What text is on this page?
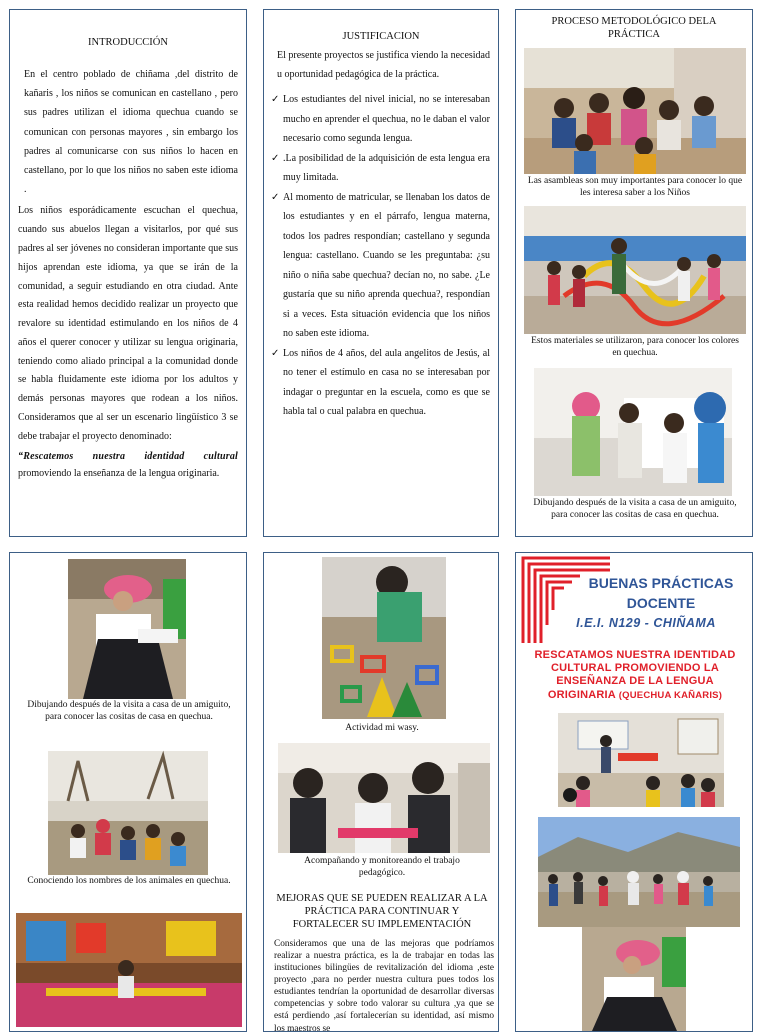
INTRODUCCIÓN

En el centro poblado de chiñama ,del distrito de kañaris , los niños se comunican en castellano , pero sus padres utilizan el idioma quechua cuando se comunican con personas mayores , sin embargo los padres al comunicarse con sus niños lo hacen en castellano, por lo que los niños no saben este idioma .

Los niños esporádicamente escuchan el quechua, cuando sus abuelos llegan a visitarlos, por qué sus padres al ser jóvenes no consideran importante que sus hijos aprendan este idioma, ya que se irán de la comunidad, a seguir estudiando en otra ciudad. Ante esta realidad hemos decidido realizar un proyecto que revalore su identidad estimulando en los niños de 4 años el querer conocer y utilizar su lengua originaria, teniendo como aliado principal a la comunidad donde se habla fluidamente este idioma por los adultos y demás personas mayores que rodean a los niños. Consideramos que al ser un escenario lingüístico 3 se debe trabajar el proyecto denominado:

“Rescatemos nuestra identidad cultural

promoviendo la enseñanza de la lengua originaria.

JUSTIFICACION

El presente proyectos se justifica viendo la necesidad u oportunidad pedagógica de la práctica.

✓ Los estudiantes del nivel inicial, no se interesaban mucho en aprender el quechua, no le daban el valor necesario como segunda lengua.
✓ .La posibilidad de la adquisición de esta lengua era muy limitada.
✓ Al momento de matricular, se llenaban los datos de los estudiantes y en el párrafo, lengua materna, todos los padres respondían; castellano y segunda lengua: castellano. Cuando se les preguntaba: ¿su niño o niña sabe quechua? decían no, no sabe. ¿Le gustaría que su niño aprenda quechua?, respondían si a veces. Esta situación evidencia que los niños no saben este idioma.
✓ Los niños de 4 años, del aula angelitos de Jesús, al no tener el estímulo en casa no se interesaban por indagar o preguntar en la escuela, como es que se habla tal o cual palabra en quechua.
PROCESO METODOLÓGICO DELA PRÁCTICA
Las asambleas son muy importantes para conocer lo que les interesa saber a los Niños
Estos materiales se utilizaron, para conocer los colores en quechua.
Dibujando después de la visita a casa de un amiguito, para conocer las cositas de casa en quechua.
Dibujando después de la visita a casa de un amiguito, para conocer las cositas de casa en quechua.
Conociendo los nombres de los animales en quechua.
Actividad mi wasy.
Acompañando y monitoreando el trabajo pedagógico.
MEJORAS QUE SE PUEDEN REALIZAR A LA PRÁCTICA PARA CONTINUAR Y FORTALECER SU IMPLEMENTACIÓN

Consideramos que una de las mejoras que podríamos realizar a nuestra práctica, es la de trabajar en todas las instituciones bilingües de revitalización del idioma ,este proyecto ,para no perder nuestra cultura pues todos los estudiantes tendrían la oportunidad de desarrollar diversas competencias y sobre todo valorar su cultura ,ya que se está perdiendo ,así fortalecerían su identidad, así mismo los maestros se

BUENAS PRÁCTICAS
DOCENTE
I.E.I. N129 - CHIÑAMA
RESCATAMOS NUESTRA IDENTIDAD CULTURAL PROMOVIENDO LA ENSEÑANZA DE LA LENGUA ORIGINARIA (QUECHUA KAÑARIS)
